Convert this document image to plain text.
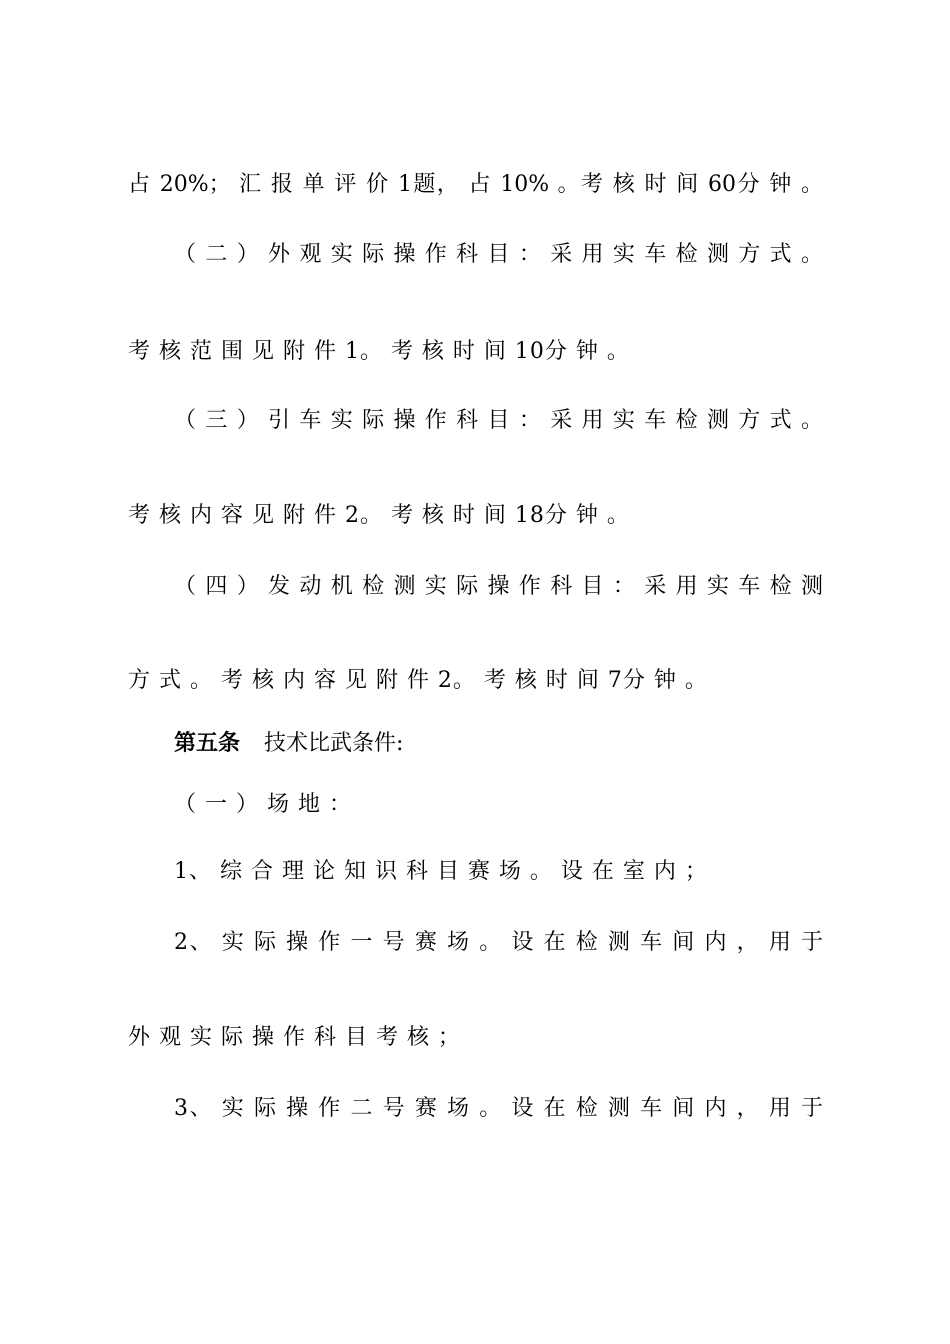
占 20%； 汇 报 单 评 价 1题， 占 10% 。考 核 时 间 60分 钟 。
（ 二 ） 外 观 实 际 操 作 科 目 ： 采 用 实 车 检 测 方 式 。
考 核 范 围 见 附 件 1。 考 核 时 间 10分 钟 。
（ 三 ） 引 车 实 际 操 作 科 目 ： 采 用 实 车 检 测 方 式 。
考 核 内 容 见 附 件 2。 考 核 时 间 18分 钟 。
（ 四 ） 发 动 机 检 测 实 际 操 作 科 目 ： 采 用 实 车 检 测
方 式 。 考 核 内 容 见 附 件 2。 考 核 时 间 7分 钟 。
第五条 技术比武条件:
（ 一 ） 场 地 ：
1、 综 合 理 论 知 识 科 目 赛 场 。 设 在 室 内 ；
2、 实 际 操 作 一 号 赛 场 。 设 在 检 测 车 间 内 ， 用 于
外 观 实 际 操 作 科 目 考 核 ；
3、 实 际 操 作 二 号 赛 场 。 设 在 检 测 车 间 内 ， 用 于
